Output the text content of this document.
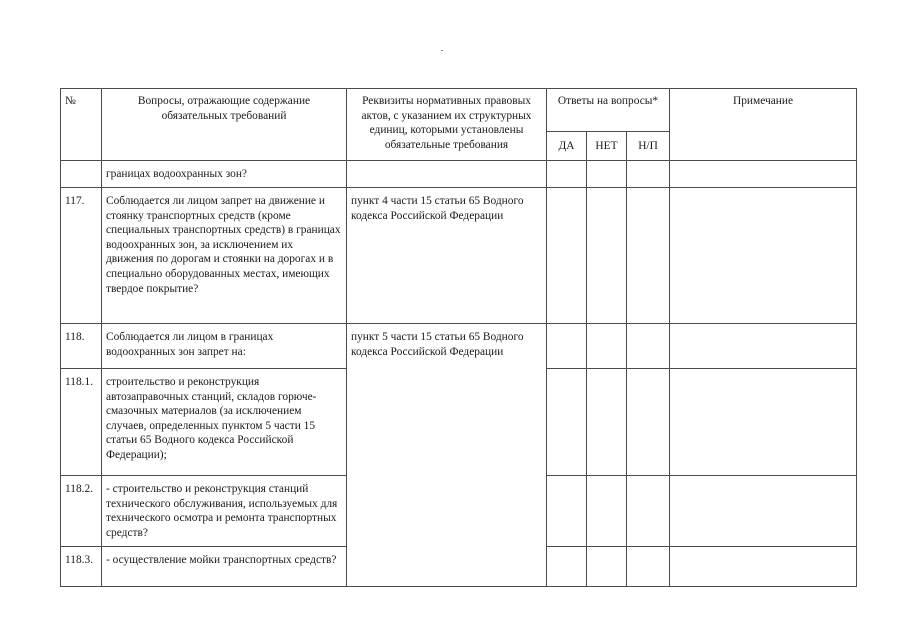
№	Вопросы, отражающие содержание обязательных требований	Реквизиты нормативных правовых актов, с указанием их структурных единиц, которыми установлены обязательные требования	Ответы на вопросы*			Примечание
			ДА	НЕТ	Н/П	
	границах водоохранных зон?					
117.	Соблюдается ли лицом запрет на движение и стоянку транспортных средств (кроме специальных транспортных средств) в границах водоохранных зон, за исключением их движения по дорогам и стоянки на дорогах и в специально оборудованных местах, имеющих твердое покрытие?	пункт 4 части 15 статьи 65 Водного кодекса Российской Федерации				
118.	Соблюдается ли лицом в границах водоохранных зон запрет на:	пункт 5 части 15 статьи 65 Водного кодекса Российской Федерации				
118.1.	строительство и реконструкция автозаправочных станций, складов горюче-смазочных материалов (за исключением случаев, определенных пунктом 5 части 15 статьи 65 Водного кодекса Российской Федерации);					
118.2.	- строительство и реконструкция станций технического обслуживания, используемых для технического осмотра и ремонта транспортных средств?					
118.3.	- осуществление мойки транспортных средств?					
